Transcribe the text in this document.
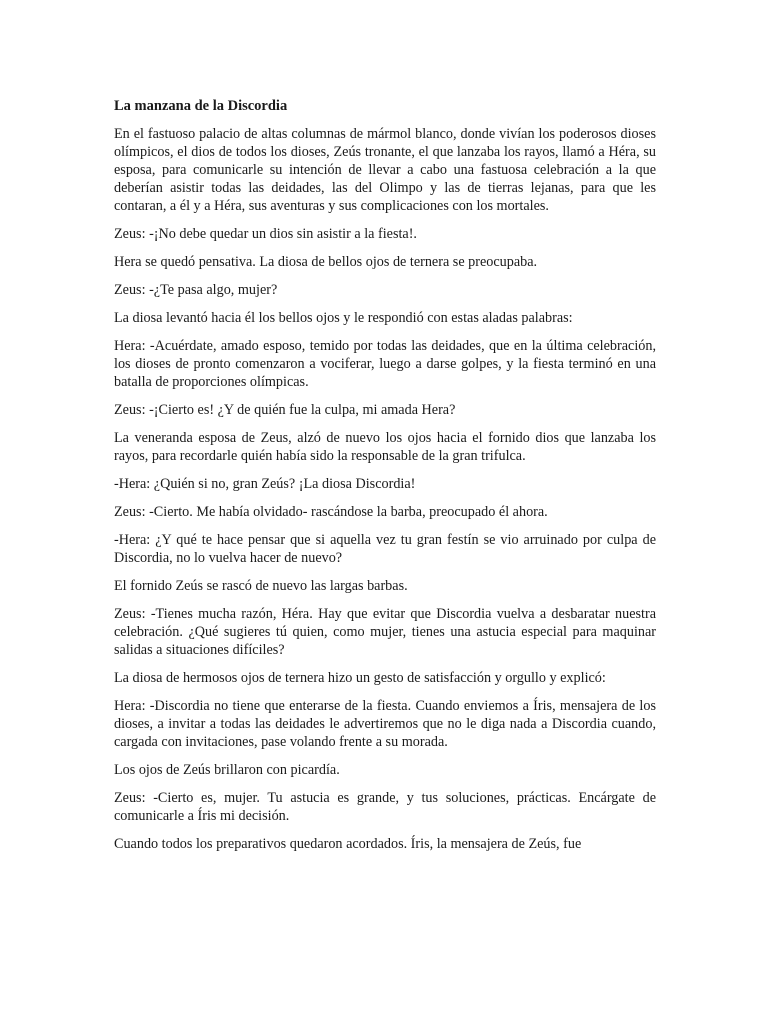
La manzana de la Discordia

En el fastuoso palacio de altas columnas de mármol blanco, donde vivían los poderosos dioses olímpicos, el dios de todos los dioses, Zeús tronante, el que lanzaba los rayos, llamó a Héra, su esposa, para comunicarle su intención de llevar a cabo una fastuosa celebración a la que deberían asistir todas las deidades, las del Olimpo y las de tierras lejanas, para que les contaran, a él y a Héra, sus aventuras y sus complicaciones con los mortales.

Zeus: -¡No debe quedar un dios sin asistir a la fiesta!.

Hera se quedó pensativa. La diosa de bellos ojos de ternera se preocupaba.

Zeus: -¿Te pasa algo, mujer?

La diosa levantó hacia él los bellos ojos y le respondió con estas aladas palabras:

Hera: -Acuérdate, amado esposo, temido por todas las deidades, que en la última celebración, los dioses de pronto comenzaron a vociferar, luego a darse golpes, y la fiesta terminó en una batalla de proporciones olímpicas.

Zeus: -¡Cierto es! ¿Y de quién fue la culpa, mi amada Hera?

La veneranda esposa de Zeus, alzó de nuevo los ojos hacia el fornido dios que lanzaba los rayos, para recordarle quién había sido la responsable de la gran trifulca.

-Hera: ¿Quién si no, gran Zeús? ¡La diosa Discordia!

Zeus: -Cierto. Me había olvidado- rascándose la barba, preocupado él ahora.

-Hera: ¿Y qué te hace pensar que si aquella vez tu gran festín se vio arruinado por culpa de Discordia, no lo vuelva hacer de nuevo?

El fornido Zeús se rascó de nuevo las largas barbas.

Zeus: -Tienes mucha razón, Héra. Hay que evitar que Discordia vuelva a desbaratar nuestra celebración. ¿Qué sugieres tú quien, como mujer, tienes una astucia especial para maquinar salidas a situaciones difíciles?

La diosa de hermosos ojos de ternera hizo un gesto de satisfacción y orgullo y explicó:

Hera: -Discordia no tiene que enterarse de la fiesta. Cuando enviemos a Íris, mensajera de los dioses, a invitar a todas las deidades le advertiremos que no le diga nada a Discordia cuando, cargada con invitaciones, pase volando frente a su morada.

Los ojos de Zeús brillaron con picardía.

Zeus: -Cierto es, mujer. Tu astucia es grande, y tus soluciones, prácticas. Encárgate de comunicarle a Íris mi decisión.

Cuando todos los preparativos quedaron acordados. Íris, la mensajera de Zeús, fue
